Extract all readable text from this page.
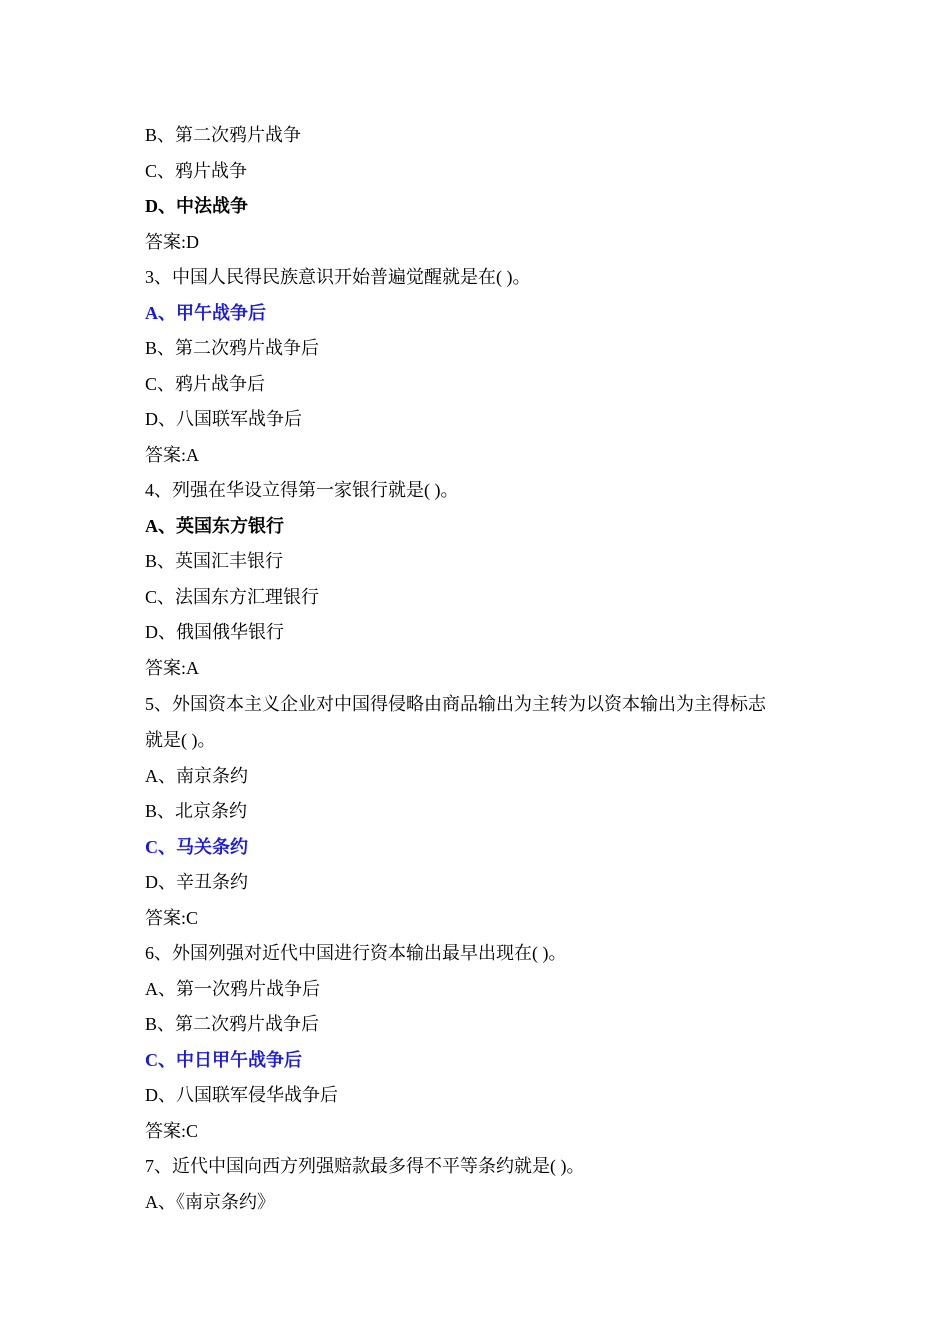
B、第二次鸦片战争
C、鸦片战争
D、中法战争
答案:D
3、中国人民得民族意识开始普遍觉醒就是在( )。
A、甲午战争后
B、第二次鸦片战争后
C、鸦片战争后
D、八国联军战争后
答案:A
4、列强在华设立得第一家银行就是( )。
A、英国东方银行
B、英国汇丰银行
C、法国东方汇理银行
D、俄国俄华银行
答案:A
5、外国资本主义企业对中国得侵略由商品输出为主转为以资本输出为主得标志
就是( )。
A、南京条约
B、北京条约
C、马关条约
D、辛丑条约
答案:C
6、外国列强对近代中国进行资本输出最早出现在( )。
A、第一次鸦片战争后
B、第二次鸦片战争后
C、中日甲午战争后
D、八国联军侵华战争后
答案:C
7、近代中国向西方列强赔款最多得不平等条约就是( )。
A、《南京条约》
